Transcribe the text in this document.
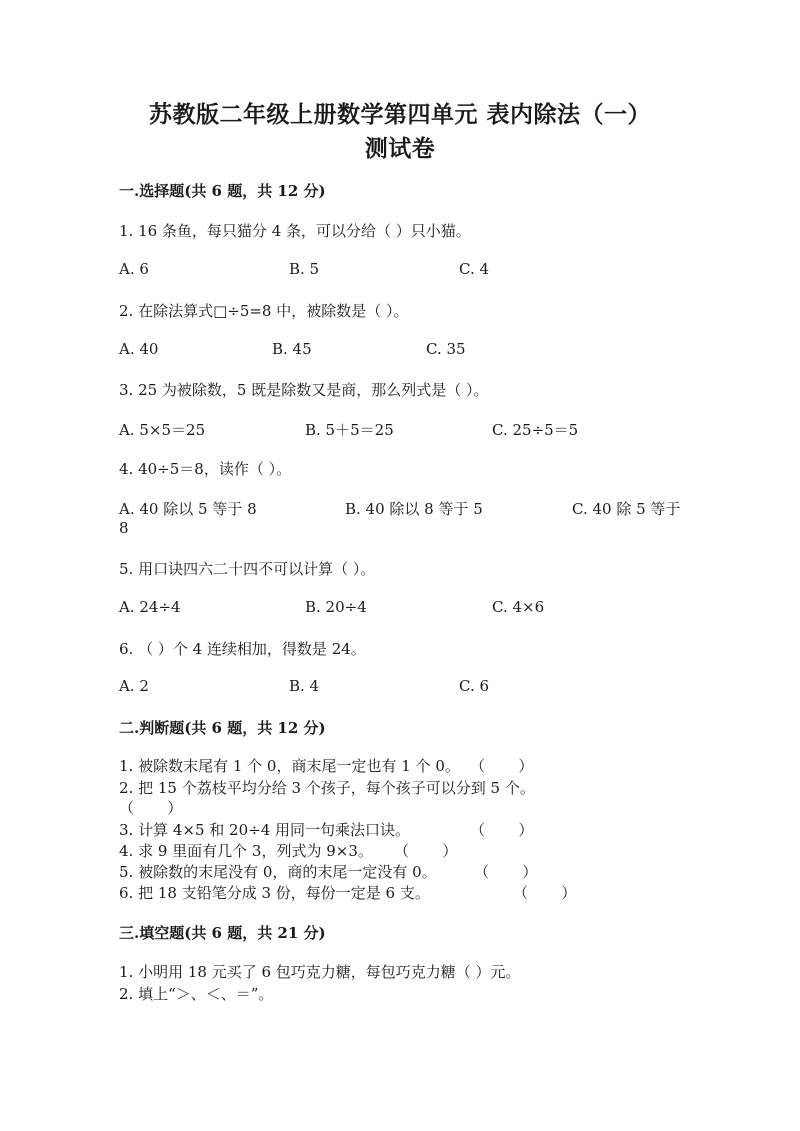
苏教版二年级上册数学第四单元 表内除法（一）
测试卷
一.选择题(共 6 题，共 12 分)
1. 16 条鱼，每只猫分 4 条，可以分给（ ）只小猫。
A. 6	B. 5	C. 4
2. 在除法算式□÷5=8 中，被除数是（ ）。
A. 40	B. 45	C. 35
3. 25 为被除数，5 既是除数又是商，那么列式是（ ）。
A. 5×5＝25	B. 5＋5＝25	C. 25÷5＝5
4. 40÷5＝8，读作（ ）。
A. 40 除以 5 等于 8	B. 40 除以 8 等于 5	C. 40 除 5 等于
8
5. 用口诀四六二十四不可以计算（ ）。
A. 24÷4	B. 20÷4	C. 4×6
6. （ ）个 4 连续相加，得数是 24。
A. 2	B. 4	C. 6
二.判断题(共 6 题，共 12 分)
1. 被除数末尾有 1 个 0，商末尾一定也有 1 个 0。 （       ）
2. 把 15 个荔枝平均分给 3 个孩子，每个孩子可以分到 5 个。
（       ）
3. 计算 4×5 和 20÷4 用同一句乘法口诀。	（       ）
4. 求 9 里面有几个 3，列式为 9×3。 （       ）
5. 被除数的末尾没有 0，商的末尾一定没有 0。 （       ）
6. 把 18 支铅笔分成 3 份，每份一定是 6 支。	（       ）
三.填空题(共 6 题，共 21 分)
1. 小明用 18 元买了 6 包巧克力糖，每包巧克力糖（ ）元。
2. 填上“＞、＜、＝”。
